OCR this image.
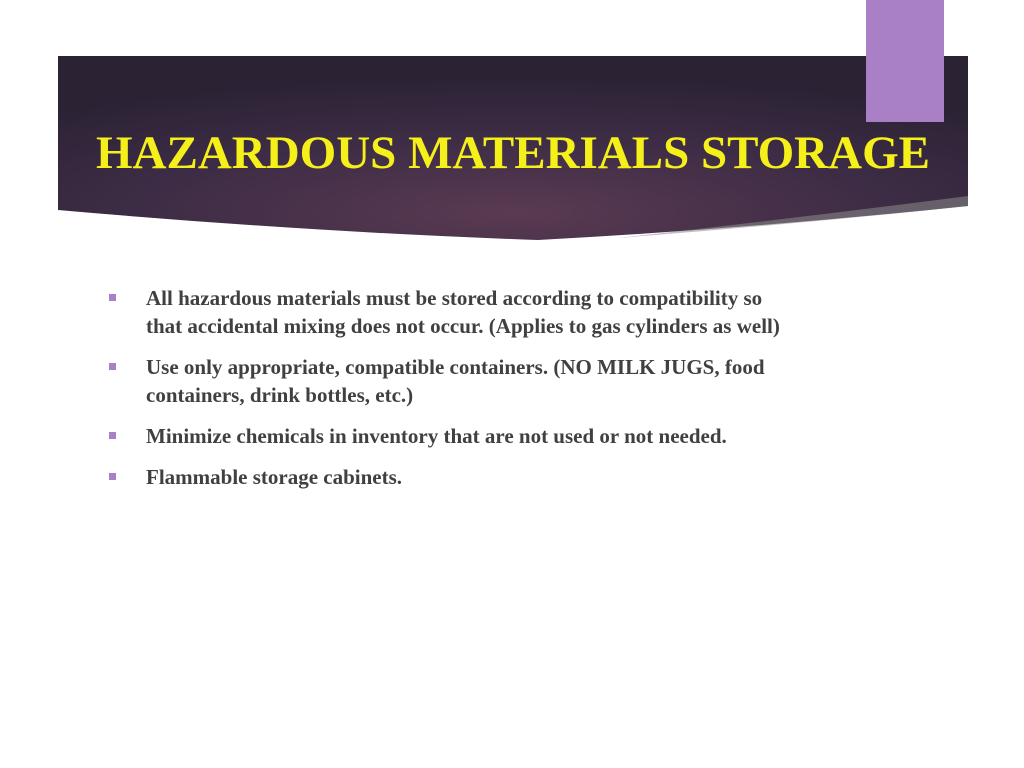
HAZARDOUS MATERIALS STORAGE
All hazardous materials must be stored according to compatibility so that accidental mixing does not occur. (Applies to gas cylinders as well)
Use only appropriate, compatible containers. (NO MILK JUGS, food containers, drink bottles, etc.)
Minimize chemicals in inventory that are not used or not needed.
Flammable storage cabinets.
